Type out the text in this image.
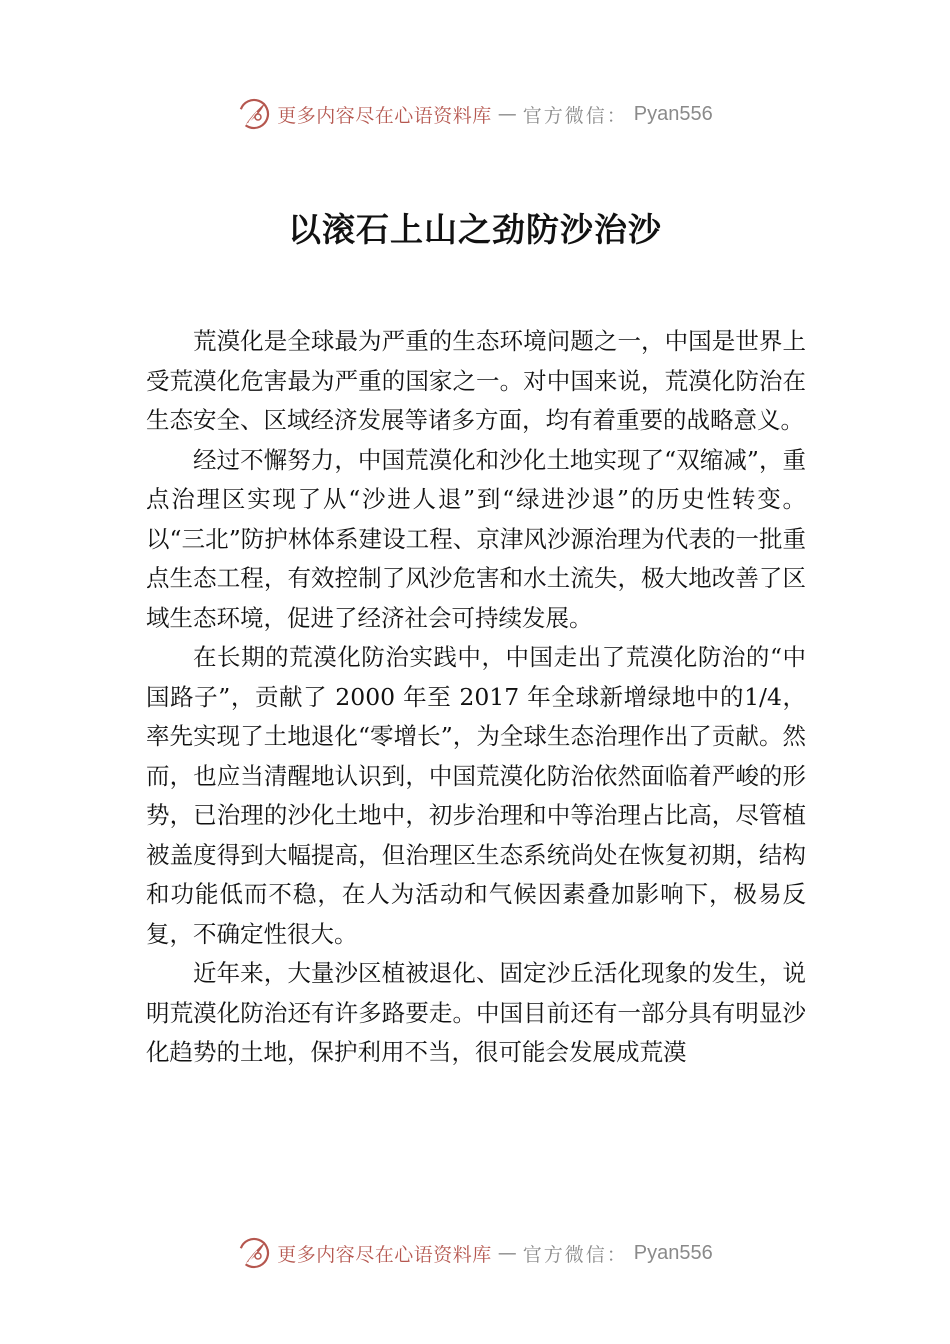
更多内容尽在心语资料库 — 官方微信： Pyan556
以滚石上山之劲防沙治沙

荒漠化是全球最为严重的生态环境问题之一，中国是世界上受荒漠化危害最为严重的国家之一。对中国来说，荒漠化防治在生态安全、区域经济发展等诸多方面，均有着重要的战略意义。

经过不懈努力，中国荒漠化和沙化土地实现了“双缩减”，重点治理区实现了从“沙进人退”到“绿进沙退”的历史性转变。以“三北”防护林体系建设工程、京津风沙源治理为代表的一批重点生态工程，有效控制了风沙危害和水土流失，极大地改善了区域生态环境，促进了经济社会可持续发展。

在长期的荒漠化防治实践中，中国走出了荒漠化防治的“中国路子”，贡献了 2000 年至 2017 年全球新增绿地中的1/4，率先实现了土地退化“零增长”，为全球生态治理作出了贡献。然而，也应当清醒地认识到，中国荒漠化防治依然面临着严峻的形势，已治理的沙化土地中，初步治理和中等治理占比高，尽管植被盖度得到大幅提高，但治理区生态系统尚处在恢复初期，结构和功能低而不稳，在人为活动和气候因素叠加影响下，极易反复，不确定性很大。

近年来，大量沙区植被退化、固定沙丘活化现象的发生，说明荒漠化防治还有许多路要走。中国目前还有一部分具有明显沙化趋势的土地，保护利用不当，很可能会发展成荒漠

更多内容尽在心语资料库 — 官方微信： Pyan556
